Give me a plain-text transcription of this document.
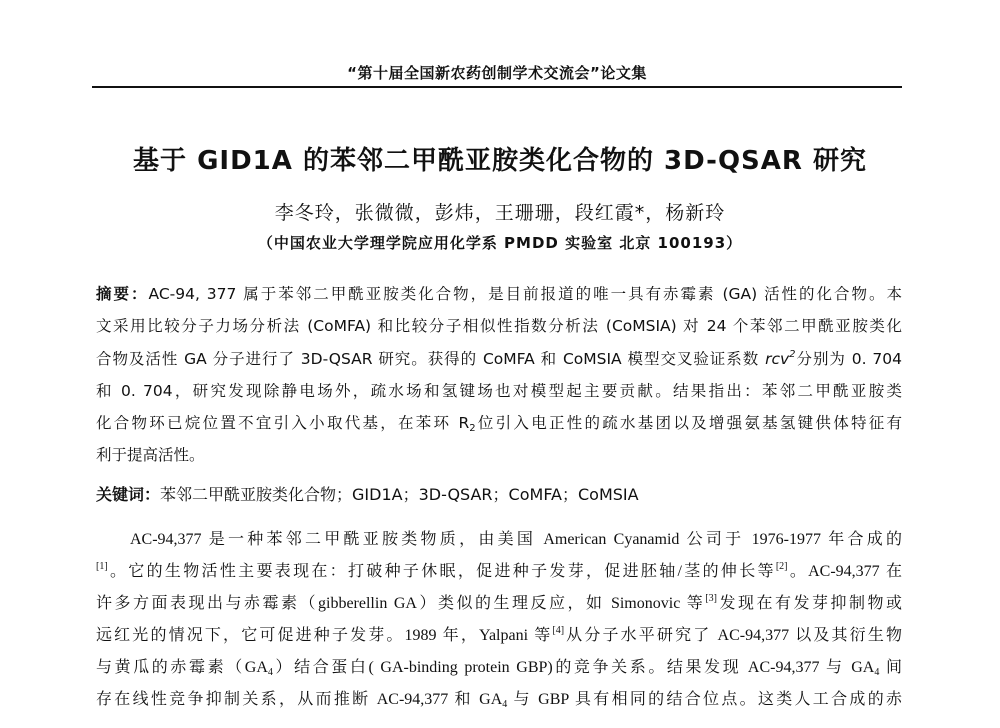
“第十届全国新农药创制学术交流会”论文集
基于 GID1A 的苯邻二甲酰亚胺类化合物的 3D-QSAR 研究
李冬玲，张微微，彭炜，王珊珊，段红霞*，杨新玲
（中国农业大学理学院应用化学系 PMDD 实验室 北京 100193）
摘要：AC-94, 377 属于苯邻二甲酰亚胺类化合物，是目前报道的唯一具有赤霉素 (GA) 活性的化合物。本
文采用比较分子力场分析法 (CoMFA) 和比较分子相似性指数分析法 (CoMSIA) 对 24 个苯邻二甲酰亚胺类化
合物及活性 GA 分子进行了 3D-QSAR 研究。获得的 CoMFA 和 CoMSIA 模型交叉验证系数 rcv$^2$分别为 0. 704
和 0. 704，研究发现除静电场外，疏水场和氢键场也对模型起主要贡献。结果指出：苯邻二甲酰亚胺类
化合物环已烷位置不宜引入小取代基，在苯环 $R_2$位引入电正性的疏水基团以及增强氨基氢键供体特征有
利于提高活性。
关键词：苯邻二甲酰亚胺类化合物；GID1A；3D-QSAR；CoMFA；CoMSIA
AC-94,377 是一种苯邻二甲酰亚胺类物质，由美国 American Cyanamid 公司于 1976-1977 年合成的
[1]。它的生物活性主要表现在：打破种子休眠，促进种子发芽，促进胚轴/茎的伸长等[2]。AC-94,377 在
许多方面表现出与赤霉素（gibberellin GA）类似的生理反应，如 Simonovic 等[3]发现在有发芽抑制物或
远红光的情况下，它可促进种子发芽。1989 年，Yalpani 等[4]从分子水平研究了 AC-94,377 以及其衍生物
与黄瓜的赤霉素$(GA_4)$结合蛋白( GA-binding protein GBP)的竞争关系。结果发现 AC-94,377 与 $GA_4$ 间
存在线性竞争抑制关系，从而推断 AC-94,377 和 $GA_4$ 与 GBP 具有相同的结合位点。这类人工合成的赤
